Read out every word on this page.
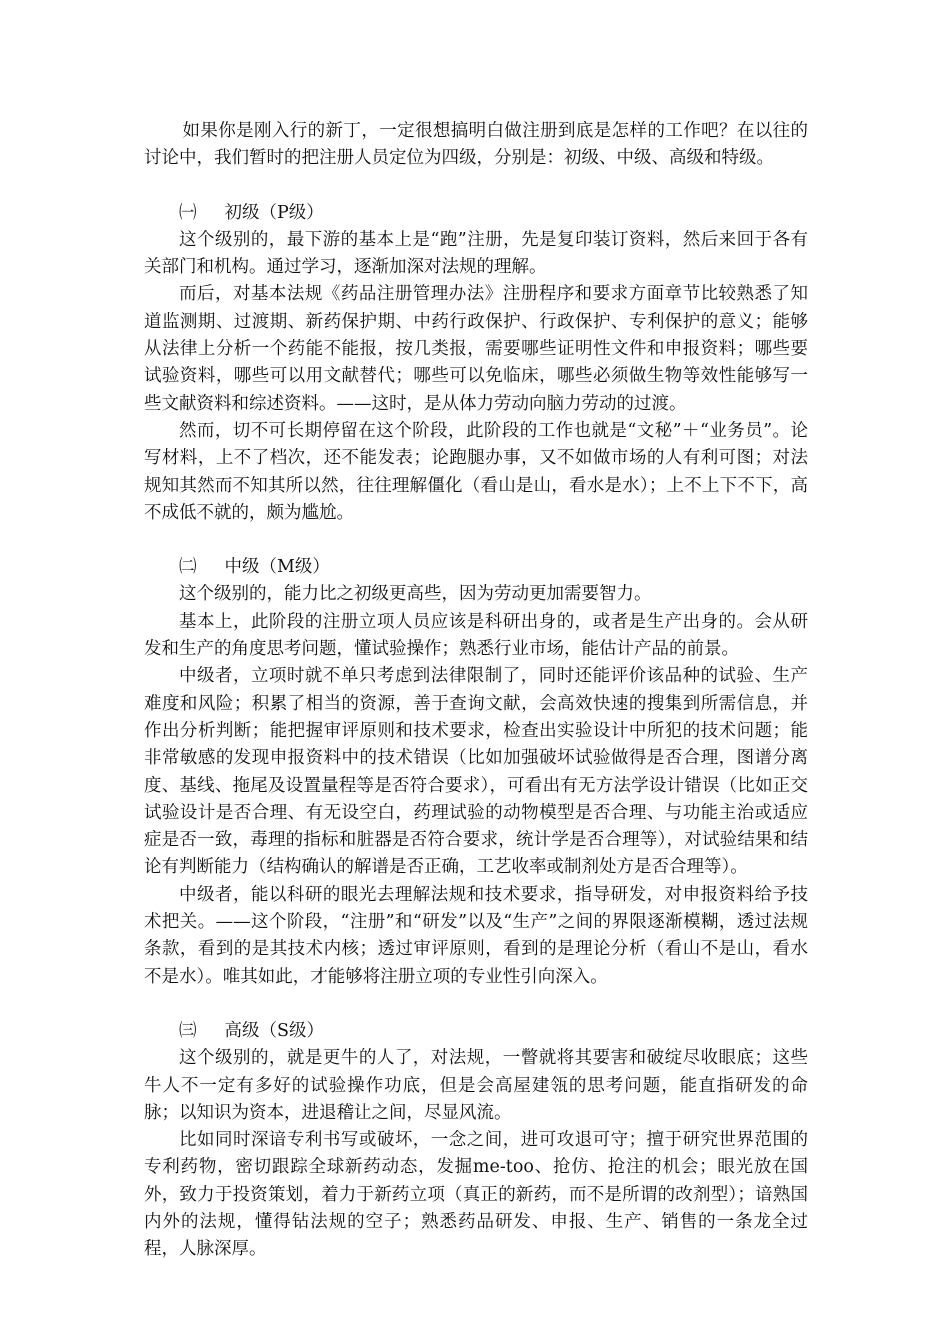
如果你是刚入行的新丁，一定很想搞明白做注册到底是怎样的工作吧？在以往的讨论中，我们暂时的把注册人员定位为四级，分别是：初级、中级、高级和特级。

㈠ 初级（P级）

这个级别的，最下游的基本上是“跑”注册，先是复印装订资料，然后来回于各有关部门和机构。通过学习，逐渐加深对法规的理解。

而后，对基本法规《药品注册管理办法》注册程序和要求方面章节比较熟悉了知道监测期、过渡期、新药保护期、中药行政保护、行政保护、专利保护的意义；能够从法律上分析一个药能不能报，按几类报，需要哪些证明性文件和申报资料；哪些要试验资料，哪些可以用文献替代；哪些可以免临床，哪些必须做生物等效性能够写一些文献资料和综述资料。——这时，是从体力劳动向脑力劳动的过渡。

然而，切不可长期停留在这个阶段，此阶段的工作也就是“文秘”＋“业务员”。论写材料，上不了档次，还不能发表；论跑腿办事，又不如做市场的人有利可图；对法规知其然而不知其所以然，往往理解僵化（看山是山，看水是水）；上不上下不下，高不成低不就的，颇为尴尬。

㈡ 中级（M级）

这个级别的，能力比之初级更高些，因为劳动更加需要智力。

基本上，此阶段的注册立项人员应该是科研出身的，或者是生产出身的。会从研发和生产的角度思考问题，懂试验操作；熟悉行业市场，能估计产品的前景。

中级者，立项时就不单只考虑到法律限制了，同时还能评价该品种的试验、生产难度和风险；积累了相当的资源，善于查询文献，会高效快速的搜集到所需信息，并作出分析判断；能把握审评原则和技术要求，检查出实验设计中所犯的技术问题；能非常敏感的发现申报资料中的技术错误（比如加强破坏试验做得是否合理，图谱分离度、基线、拖尾及设置量程等是否符合要求），可看出有无方法学设计错误（比如正交试验设计是否合理、有无设空白，药理试验的动物模型是否合理、与功能主治或适应症是否一致，毒理的指标和脏器是否符合要求，统计学是否合理等），对试验结果和结论有判断能力（结构确认的解谱是否正确，工艺收率或制剂处方是否合理等）。

中级者，能以科研的眼光去理解法规和技术要求，指导研发，对申报资料给予技术把关。——这个阶段，“注册”和“研发”以及“生产”之间的界限逐渐模糊，透过法规条款，看到的是其技术内核；透过审评原则，看到的是理论分析（看山不是山，看水不是水）。唯其如此，才能够将注册立项的专业性引向深入。

㈢ 高级（S级）

这个级别的，就是更牛的人了，对法规，一瞥就将其要害和破绽尽收眼底；这些牛人不一定有多好的试验操作功底，但是会高屋建瓴的思考问题，能直指研发的命脉；以知识为资本，进退稽让之间，尽显风流。

比如同时深谙专利书写或破坏，一念之间，进可攻退可守；擅于研究世界范围的专利药物，密切跟踪全球新药动态，发掘me-too、抢仿、抢注的机会；眼光放在国外，致力于投资策划，着力于新药立项（真正的新药，而不是所谓的改剂型）；谙熟国内外的法规，懂得钻法规的空子；熟悉药品研发、申报、生产、销售的一条龙全过程，人脉深厚。
